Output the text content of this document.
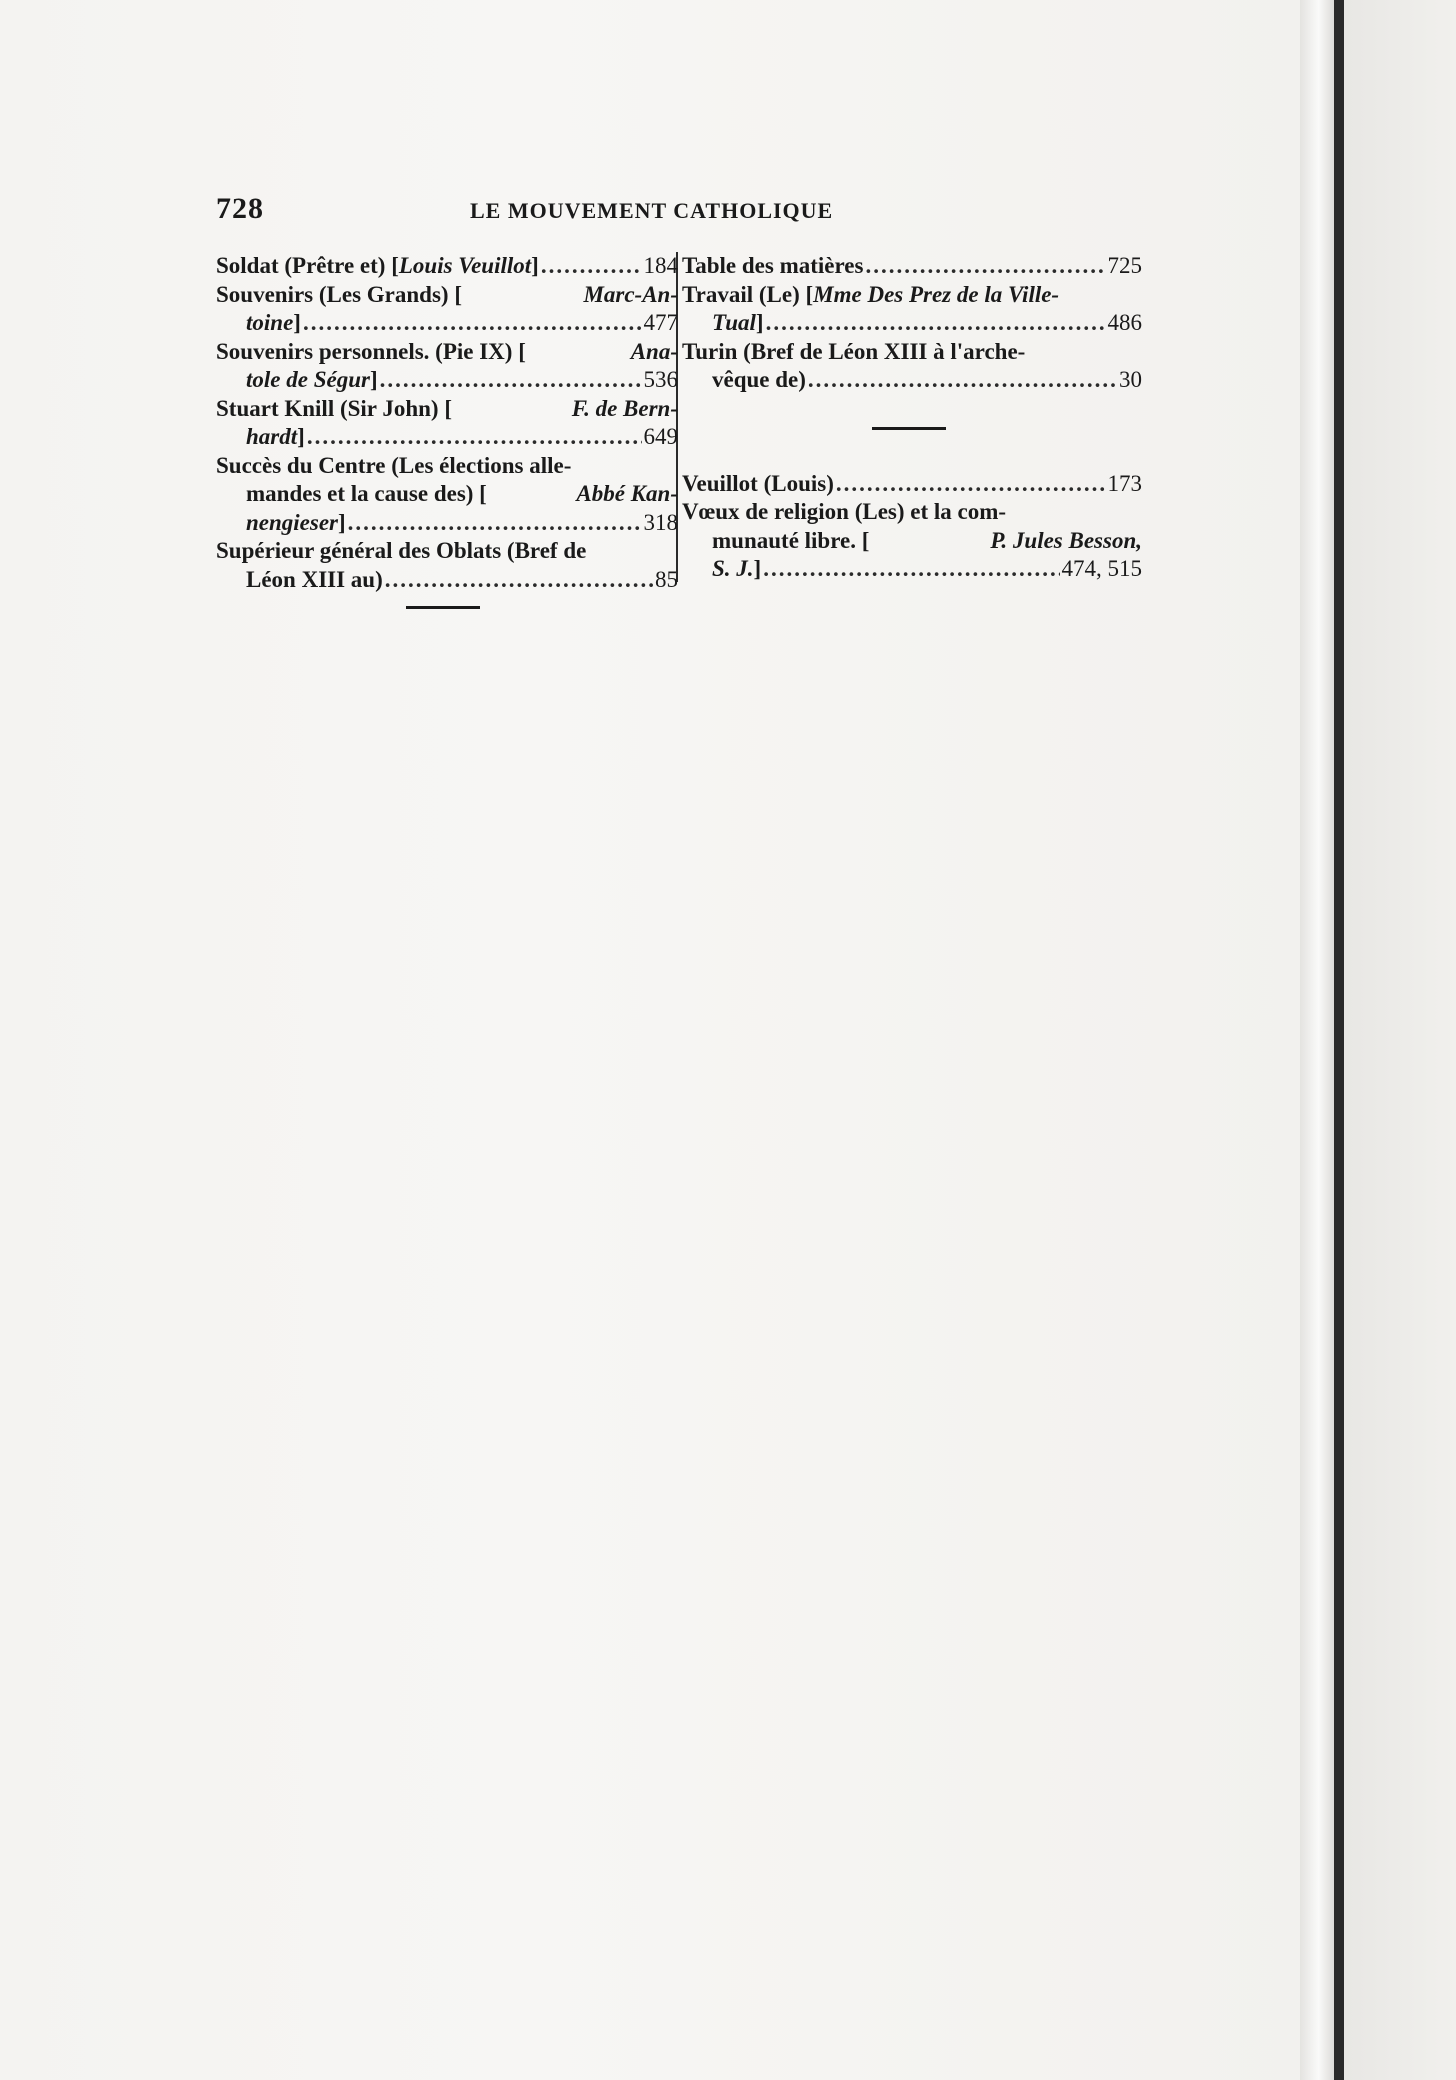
728	LE MOUVEMENT CATHOLIQUE
Soldat (Prêtre et) [ Louis Veuillot ] .....	184
Souvenirs (Les Grands) [	Marc-An-
toine ] .....	477
Souvenirs personnels. (Pie IX) [	Ana-
tole de Ségur ] .....	536
Stuart Knill (Sir John) [	F. de Bern-
hardt ] .....	649
Succès du Centre (Les élections alle-
mandes et la cause des) [	Abbé Kan-
nengieser ] .....	318
Supérieur général des Oblats (Bref de
Léon XIII au) .....	85
Table des matières .....	725
Travail (Le) [ Mme Des Prez de la Ville-
Tual ] .....	486
Turin (Bref de Léon XIII à l'arche-
vêque de) .....	30
Veuillot (Louis) .....	173
Vœux de religion (Les) et la com-
munauté libre. [	P. Jules Besson,
S. J. ] .....	474, 515
